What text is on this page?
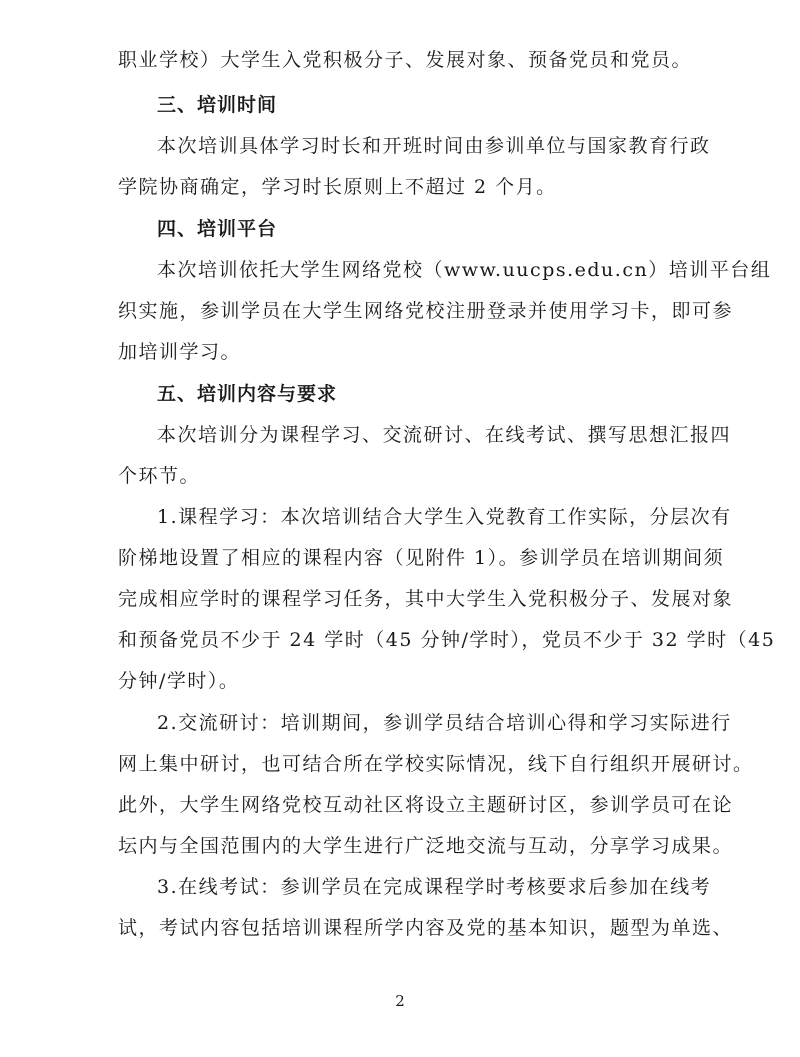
职业学校）大学生入党积极分子、发展对象、预备党员和党员。
三、培训时间
本次培训具体学习时长和开班时间由参训单位与国家教育行政
学院协商确定，学习时长原则上不超过 2 个月。
四、培训平台
本次培训依托大学生网络党校（www.uucps.edu.cn）培训平台组
织实施，参训学员在大学生网络党校注册登录并使用学习卡，即可参
加培训学习。
五、培训内容与要求
本次培训分为课程学习、交流研讨、在线考试、撰写思想汇报四
个环节。
1.课程学习：本次培训结合大学生入党教育工作实际，分层次有
阶梯地设置了相应的课程内容（见附件 1）。参训学员在培训期间须
完成相应学时的课程学习任务，其中大学生入党积极分子、发展对象
和预备党员不少于 24 学时（45 分钟/学时），党员不少于 32 学时（45
分钟/学时）。
2.交流研讨：培训期间，参训学员结合培训心得和学习实际进行
网上集中研讨，也可结合所在学校实际情况，线下自行组织开展研讨。
此外，大学生网络党校互动社区将设立主题研讨区，参训学员可在论
坛内与全国范围内的大学生进行广泛地交流与互动，分享学习成果。
3.在线考试：参训学员在完成课程学时考核要求后参加在线考
试，考试内容包括培训课程所学内容及党的基本知识，题型为单选、
2
